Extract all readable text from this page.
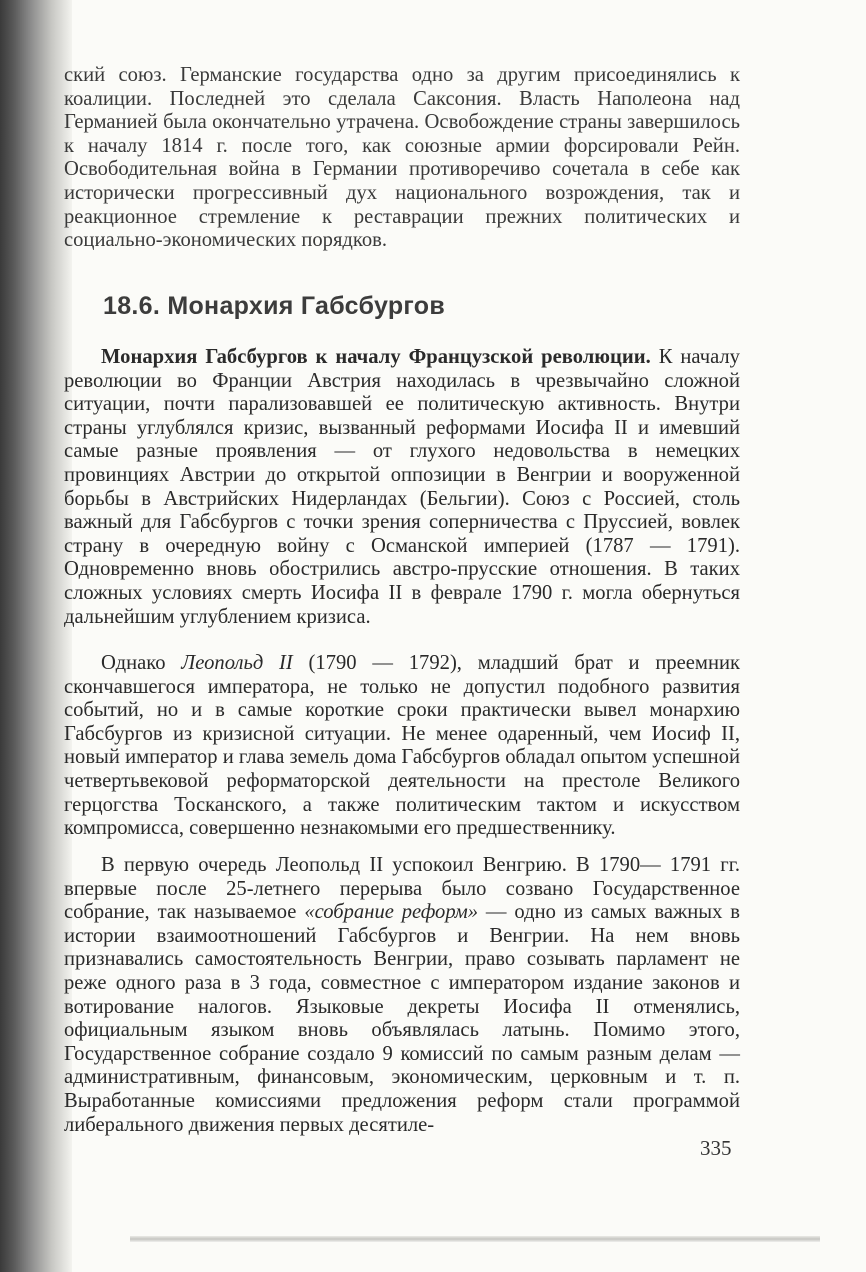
ский союз. Германские государства одно за другим присоединялись к коалиции. Последней это сделала Саксония. Власть Наполеона над Германией была окончательно утрачена. Освобождение страны завершилось к началу 1814 г. после того, как союзные армии форсировали Рейн. Освободительная война в Германии противоречиво сочетала в себе как исторически прогрессивный дух национального возрождения, так и реакционное стремление к реставрации прежних политических и социально-экономических порядков.

18.6. Монархия Габсбургов

Монархия Габсбургов к началу Французской революции. К началу революции во Франции Австрия находилась в чрезвычайно сложной ситуации, почти парализовавшей ее политическую активность. Внутри страны углублялся кризис, вызванный реформами Иосифа II и имевший самые разные проявления — от глухого недовольства в немецких провинциях Австрии до открытой оппозиции в Венгрии и вооруженной борьбы в Австрийских Нидерландах (Бельгии). Союз с Россией, столь важный для Габсбургов с точки зрения соперничества с Пруссией, вовлек страну в очередную войну с Османской империей (1787 — 1791). Одновременно вновь обострились австро-прусские отношения. В таких сложных условиях смерть Иосифа II в феврале 1790 г. могла обернуться дальнейшим углублением кризиса.

Однако Леопольд II (1790 — 1792), младший брат и преемник скончавшегося императора, не только не допустил подобного развития событий, но и в самые короткие сроки практически вывел монархию Габсбургов из кризисной ситуации. Не менее одаренный, чем Иосиф II, новый император и глава земель дома Габсбургов обладал опытом успешной четвертьвековой реформаторской деятельности на престоле Великого герцогства Тосканского, а также политическим тактом и искусством компромисса, совершенно незнакомыми его предшественнику.

В первую очередь Леопольд II успокоил Венгрию. В 1790— 1791 гг. впервые после 25-летнего перерыва было созвано Государственное собрание, так называемое «собрание реформ» — одно из самых важных в истории взаимоотношений Габсбургов и Венгрии. На нем вновь признавались самостоятельность Венгрии, право созывать парламент не реже одного раза в 3 года, совместное с императором издание законов и вотирование налогов. Языковые декреты Иосифа II отменялись, официальным языком вновь объявлялась латынь. Помимо этого, Государственное собрание создало 9 комиссий по самым разным делам — административным, финансовым, экономическим, церковным и т. п. Выработанные комиссиями предложения реформ стали программой либерального движения первых десятиле-

335
